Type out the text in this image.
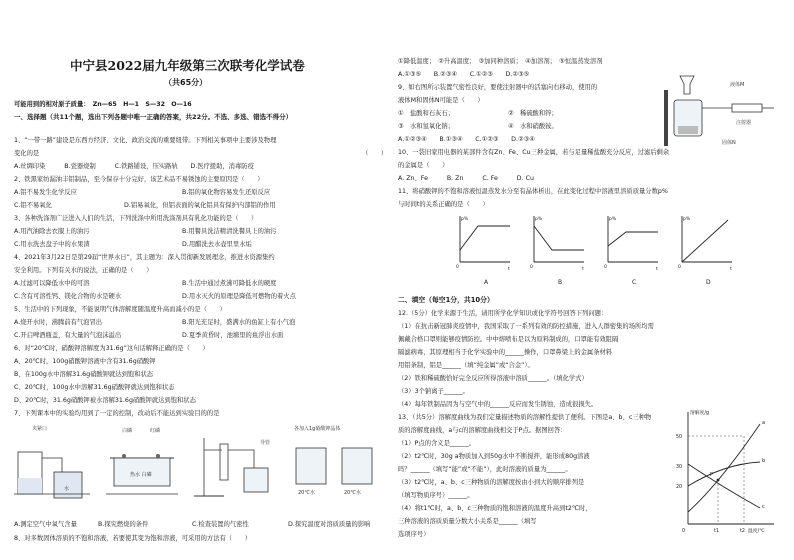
中宁县2022届九年级第三次联考化学试卷
（共65分）
可能用到的相对原子质量：　Zn—65　H—1　S—32　O—16
一、选择题（共11个题，选出下列各题中唯一正确的答案，共22分。不选、多选、错选不得分）
1、“一带一路”建设是东西方经济、文化、政治交流的重要纽带。下列相关事项中主要涉及物理
变化的是	（　　）
A.丝绸印染　　　B.瓷器烧制　　　C.铁路铺设，压实路轨　　D.医疗援助，消毒防疫
2、铁黑家纺漏油丰铝制品，至今保存十分完好，该艺术品不易锈蚀的主要原因是（　　）
A.铝不易发生化学反应	B.铝的氧化物容易发生还原反应
C.铝不易氧化	D.铝易氧化，但铝表面的氧化铝具有保护内部铝的作用
3、各种洗涤剂广泛进入人们的生活，下列洗涤中所用洗涤剂具有乳化功能的是（　　）
A.用汽油除去衣服上的油污	B.用餐具洗洁精清洗餐具上的油污
C.用水洗去盘子中的水果渣	D.用醋洗去水壶里里水垢
4、2021年3月22日是第29届“世界水日”，其主题为：深入贯彻新发展理念，推进水资源集约
安全利用。下列有关水的说法，正确的是（　　）
A.过滤可以降低水中的可溶	B.生活中通过煮沸可降低水的硬度
C.含有可溶性钙、镁化合物的水是硬水	D.用水灭火的原理是降低可燃物的着火点
5、生活中的下列现象，不能说明气体溶解度随温度升高而减小的是（　　）
A.烧开水时，沸腾前有气泡冒出	B.阳光充足时，盛满水的鱼缸上有小气泡
C.开启啤酒瓶盖，有大量的气泡沫溢出	D.夏季黄昏时，池塘里的鱼浮出水面
6、对“20℃时，硝酸钾溶解度为31.6g”这句话解释正确的是（　　）
A、20℃时，100g硝酸钾溶液中含有31.6g硝酸钾
B、在100g水中溶解31.6g硝酸钾就达到饱和状态
C、20℃时，100g水中溶解31.6g硝酸钾就达到饱和状态
D、20℃时，31.6g硝酸钾被水溶解31.6g硝酸钾就达到饱和状态
7、下列课本中的实验均用到了一定的控制，改动后不能达到实验目的的是
夹紧口
水
白磷	红磷
热水 白磷
导管
各加入1g硝酸钾晶体
20℃水	20℃水
A.测定空气中氧气含量	B.探究燃烧的条件	C.检查装置的气密性	D.探究温度对溶质质量的影响
8、对多数固体溶质的不饱和溶液，若要使其变为饱和溶液，可采用的方法有（　　）
①降低温度；　②升高温度；　③加同种溶质；　④加溶剂；　⑤恒温蒸发溶剂
A.①③⑤　　B.②③④　　C.①②③　　D.②③⑤
9、如右图所示装置气密性良好，要使注射器中的活塞向右移动，使用的
液体M和固体N可能是（　　）
①　盐酸和石灰石；	②　稀硫酸和锌；
③　水和氢氧化钠；	④　水和硝酸铵。
A.①②③④　　B.①③④　　C.①②③　　D.②③④
液体M
注射器
固体N
10、一袋旧家用电器的某部件含有Zn、Fe、Cu三种金属，若与足量稀盐酸充分反应，过滤后剩余
的金属是（　　）
A. Zn、Fe　　　B. Zn　　　C. Fe　　　D. Cu
11、将硝酸钾的不饱和溶液恒温蒸发水分至有晶体析出，在此变化过程中溶液里溶质质量分数p%
与时间t的关系正确的是（　　）
p%
0	t
A
p%
0	t
B
p%
0	t
C
p%
0	t
D
二、填空（每空1分，共10分）
12.（5分）化学来源于生活，请用所学化学知识或化学符号回答下列问题：
（1）在抗击新冠肺炎疫情中，我国采取了一系列有效的防控措施，进入人群密集的场所均需
佩戴合格口罩则能够疫情防控。中中熔喷布是以为原料制成的，口罩能有效阻隔
隔滤病毒，其原理相当于化学实验中的______操作，口罩鼻梁上的金属条材料
用铝条制，铝是______（填“纯金属”或“合金”）。
（2）铁和稀硫酸恰好完全反应所得溶液中溶质______。（填化学式）
（3）3个钠离子______。
（4）每年铁制品因为与空气中的______反应而发生锈蚀，造成很损失。
13、（共5分）溶解度曲线为我们定量描述物质的溶解性提供了便利。下图是a、b、c三种物
质的溶解度曲线，a与c的溶解度曲线相交于P点。据图回答：
（1）P点的含义是______。
（2）t2℃时，30g a物质加入到50g水中不断搅拌，能形成80g溶液
吗？______（填写“能”或“不能”），此时溶液的质量为______。
（3）t2℃时，a、b、c三种物质的溶解度按由小到大的顺序排列是
（填写物质序号）______。
（4）将t1℃时，a、b、c三种物质的饱和溶液的温度升高到t2℃时，
三种溶液的溶质质量分数大小关系是______（填写
选项序号）
溶解度/g
温度/℃
50
30
20
0	t1	t2
a
b
c
P
